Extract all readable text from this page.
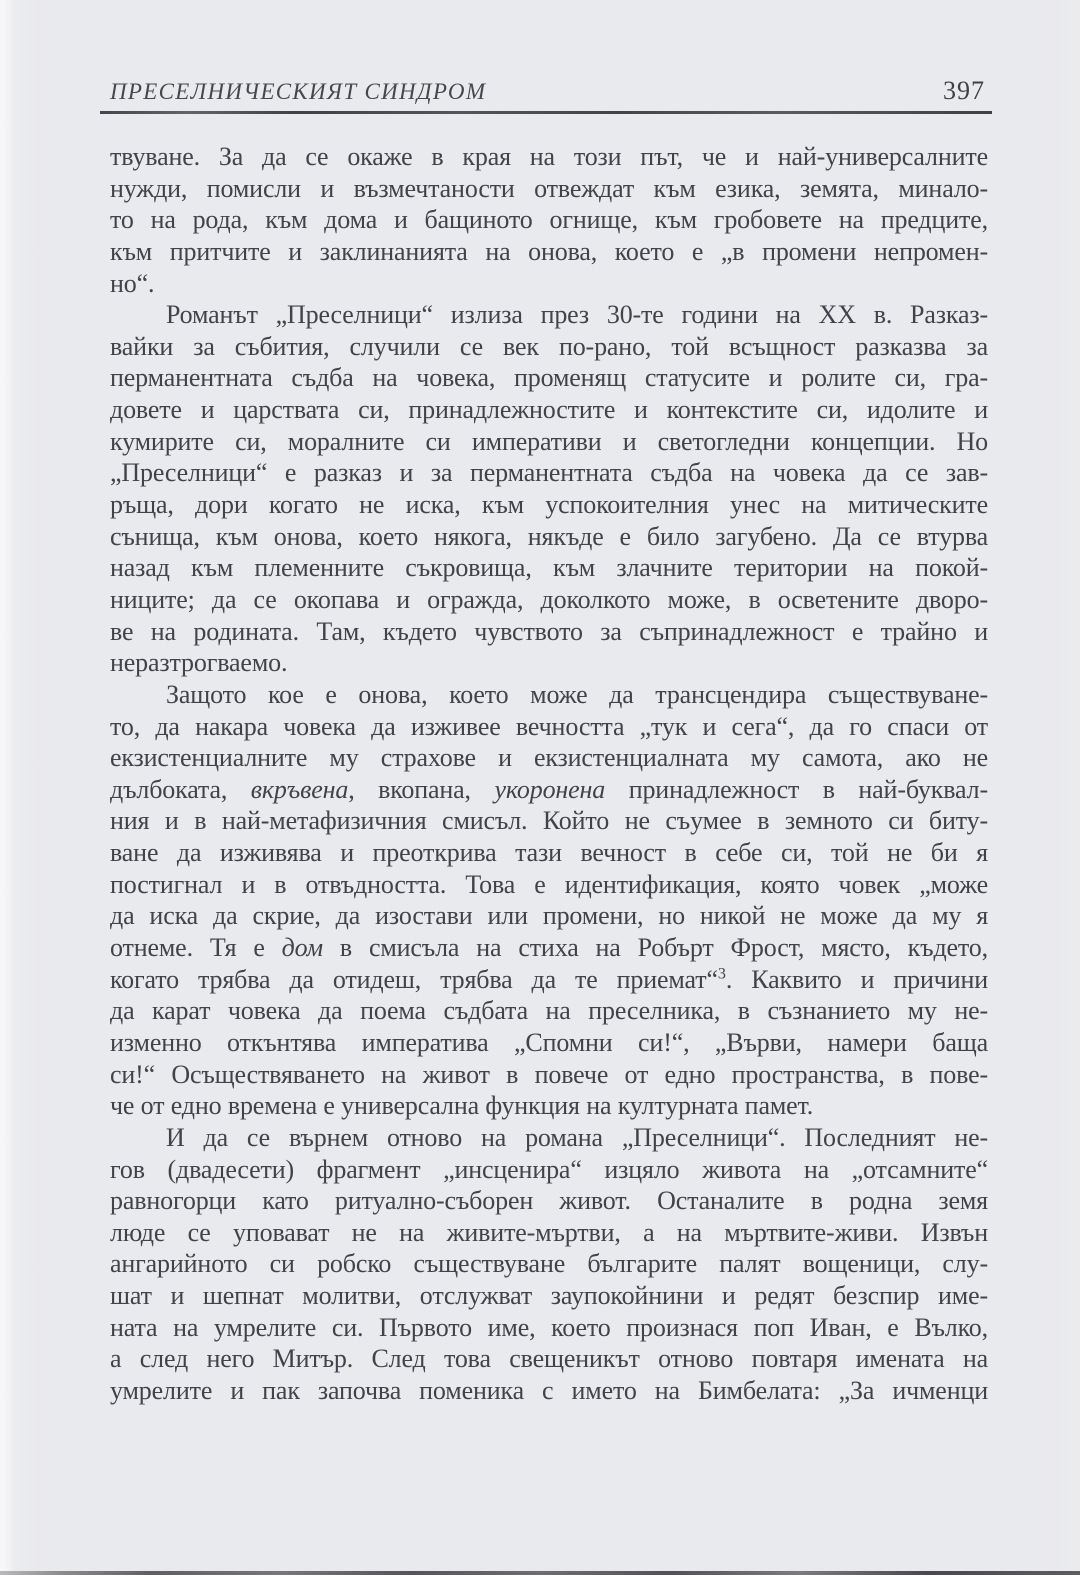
ПРЕСЕЛНИЧЕСКИЯТ СИНДРОМ	397
твуване. За да се окаже в края на този път, че и най-универсалните
нужди, помисли и възмечтаности отвеждат към езика, земята, минало-
то на рода, към дома и бащиното огнище, към гробовете на предците,
към притчите и заклинанията на онова, което е „в промени непромен-
но“.
Романът „Преселници“ излиза през 30-те години на ХХ в. Разказ-
вайки за събития, случили се век по-рано, той всъщност разказва за
перманентната съдба на човека, променящ статусите и ролите си, гра-
довете и царствата си, принадлежностите и контекстите си, идолите и
кумирите си, моралните си императиви и светогледни концепции. Но
„Преселници“ е разказ и за перманентната съдба на човека да се зав-
ръща, дори когато не иска, към успокоителния унес на митическите
сънища, към онова, което някога, някъде е било загубено. Да се втурва
назад към племенните съкровища, към злачните територии на покой-
ниците; да се окопава и огражда, доколкото може, в осветените дворо-
ве на родината. Там, където чувството за съпринадлежност е трайно и
неразтрогваемо.
Защото кое е онова, което може да трансцендира съществуване-
то, да накара човека да изживее вечността „тук и сега“, да го спаси от
екзистенциалните му страхове и екзистенциалната му самота, ако не
дълбоката, вкръвена, вкопана, укоронена принадлежност в най-буквал-
ния и в най-метафизичния смисъл. Който не съумее в земното си биту-
ване да изживява и преоткрива тази вечност в себе си, той не би я
постигнал и в отвъдността. Това е идентификация, която човек „може
да иска да скрие, да изостави или промени, но никой не може да му я
отнеме. Тя е дом в смисъла на стиха на Робърт Фрост, място, където,
когато трябва да отидеш, трябва да те приемат“$^3$. Каквито и причини
да карат човека да поема съдбата на преселника, в съзнанието му не-
изменно откънтява императива „Спомни си!“, „Върви, намери баща
си!“ Осъществяването на живот в повече от едно пространства, в пове-
че от едно времена е универсална функция на културната памет.
И да се върнем отново на романа „Преселници“. Последният не-
гов (двадесети) фрагмент „инсценира“ изцяло живота на „отсамните“
равногорци като ритуално-съборен живот. Останалите в родна земя
люде се уповават не на живите-мъртви, а на мъртвите-живи. Извън
ангарийното си робско съществуване българите палят вощеници, слу-
шат и шепнат молитви, отслужват заупокойнини и редят безспир име-
ната на умрелите си. Първото име, което произнася поп Иван, е Вълко,
а след него Митър. След това свещеникът отново повтаря имената на
умрелите и пак започва поменика с името на Бимбелата: „За ичменци
